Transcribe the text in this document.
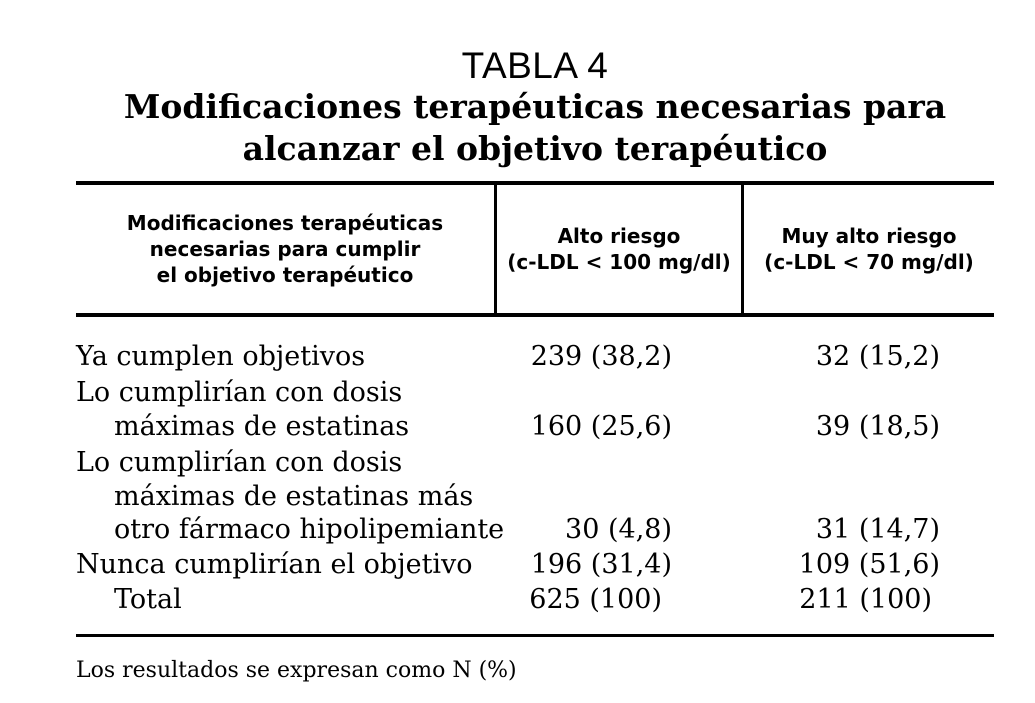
TABLA 4
Modificaciones terapéuticas necesarias para
alcanzar el objetivo terapéutico
Modificaciones terapéuticas
necesarias para cumplir
el objetivo terapéutico
Alto riesgo
(c-LDL < 100 mg/dl)
Muy alto riesgo
(c-LDL < 70 mg/dl)
Ya cumplen objetivos	239 (38,2)	32 (15,2)
Lo cumplirían con dosis
máximas de estatinas	160 (25,6)	39 (18,5)
Lo cumplirían con dosis
máximas de estatinas más
otro fármaco hipolipemiante	30 (4,8)	31 (14,7)
Nunca cumplirían el objetivo 196 (31,4)	109 (51,6)
Total	625 (100)	211 (100)
Los resultados se expresan como N (%)
